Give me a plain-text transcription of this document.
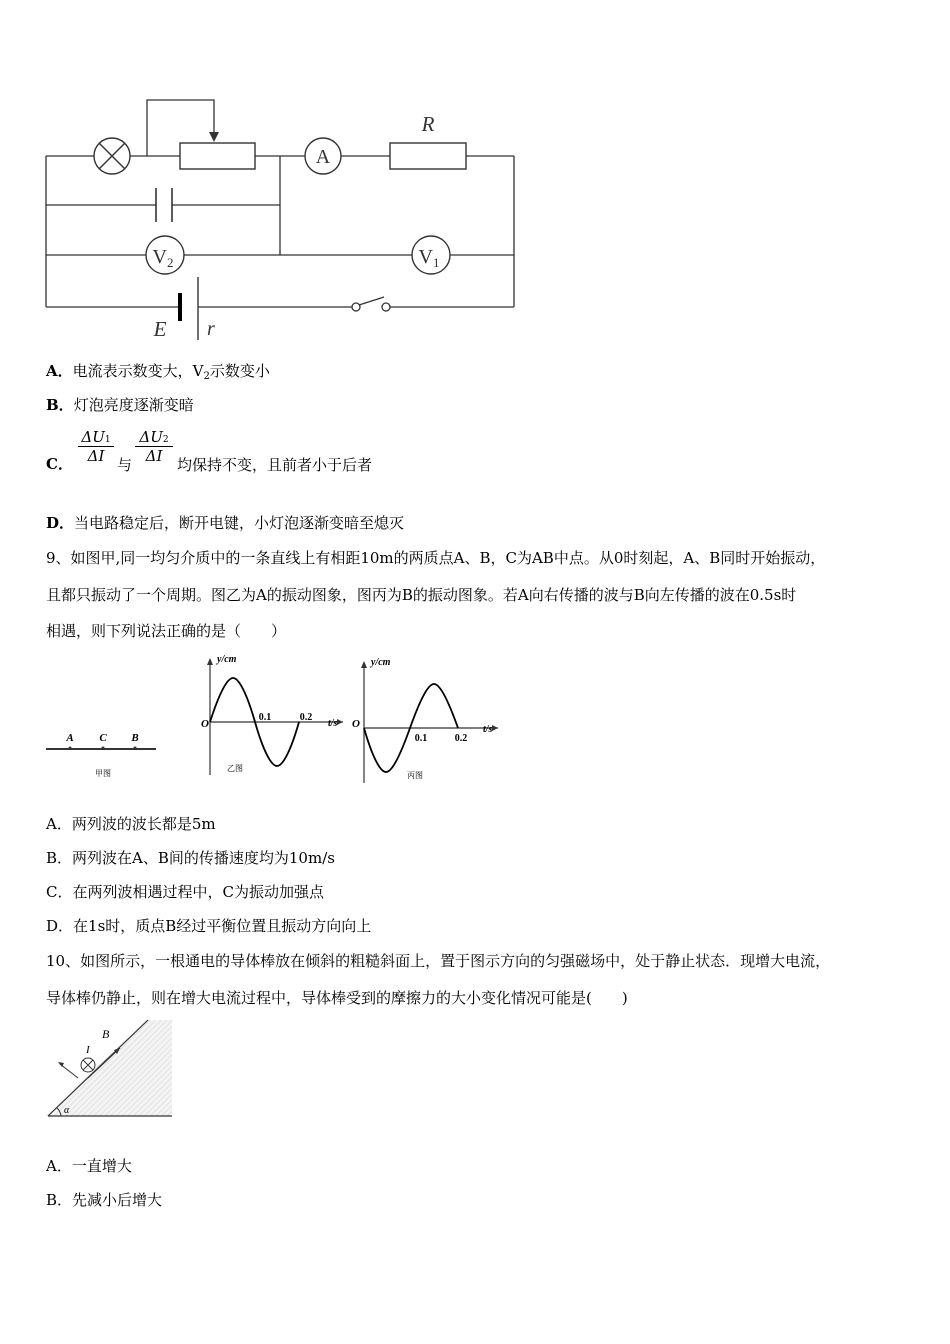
A
R
$V_2$	$V_1$
E r
A．电流表示数变大，$V_2$示数变小
B．灯泡亮度逐渐变暗
C． $\frac{\Delta U1}{\Delta I}$ 与 $\frac{\Delta U2}{\Delta I}$ 均保持不变，且前者小于后者
D．当电路稳定后，断开电键，小灯泡逐渐变暗至熄灭
9、如图甲,同一均匀介质中的一条直线上有相距10m的两质点A、B，C为AB中点。从0时刻起，A、B同时开始振动，
且都只振动了一个周期。图乙为A的振动图象，图丙为B的振动图象。若A向右传播的波与B向左传播的波在0.5s时
相遇，则下列说法正确的是（　　）
A C B
甲图
y/cm
O
0.1	0.2
t/s
乙图
y/cm
O
0.1	0.2
t/s
丙图
A．两列波的波长都是5m
B．两列波在A、B间的传播速度均为10m/s
C．在两列波相遇过程中，C为振动加强点
D．在1s时，质点B经过平衡位置且振动方向向上
10、如图所示，一根通电的导体棒放在倾斜的粗糙斜面上，置于图示方向的匀强磁场中，处于静止状态．现增大电流，
导体棒仍静止，则在增大电流过程中，导体棒受到的摩擦力的大小变化情况可能是(　　)
α
B
I
A．一直增大
B．先减小后增大
